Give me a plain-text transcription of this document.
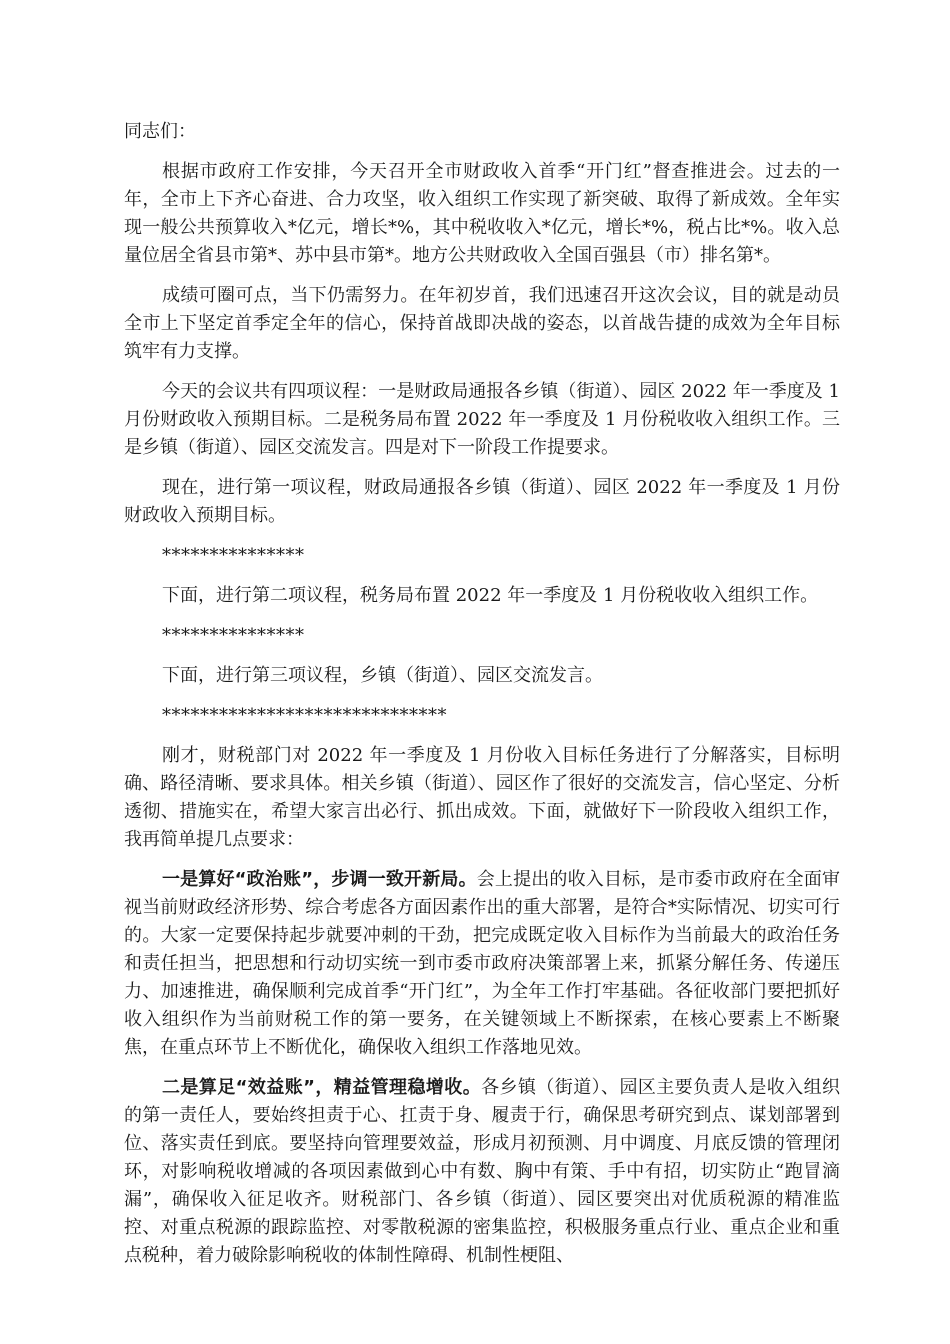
同志们：

根据市政府工作安排，今天召开全市财政收入首季“开门红”督查推进会。过去的一年，全市上下齐心奋进、合力攻坚，收入组织工作实现了新突破、取得了新成效。全年实现一般公共预算收入*亿元，增长*%，其中税收收入*亿元，增长*%，税占比*%。收入总量位居全省县市第*、苏中县市第*。地方公共财政收入全国百强县（市）排名第*。

成绩可圈可点，当下仍需努力。在年初岁首，我们迅速召开这次会议，目的就是动员全市上下坚定首季定全年的信心，保持首战即决战的姿态，以首战告捷的成效为全年目标筑牢有力支撑。

今天的会议共有四项议程：一是财政局通报各乡镇（街道）、园区 2022 年一季度及 1 月份财政收入预期目标。二是税务局布置 2022 年一季度及 1 月份税收收入组织工作。三是乡镇（街道）、园区交流发言。四是对下一阶段工作提要求。

现在，进行第一项议程，财政局通报各乡镇（街道）、园区 2022 年一季度及 1 月份财政收入预期目标。

***************

下面，进行第二项议程，税务局布置 2022 年一季度及 1 月份税收收入组织工作。

***************

下面，进行第三项议程，乡镇（街道）、园区交流发言。

******************************

刚才，财税部门对 2022 年一季度及 1 月份收入目标任务进行了分解落实，目标明确、路径清晰、要求具体。相关乡镇（街道）、园区作了很好的交流发言，信心坚定、分析透彻、措施实在，希望大家言出必行、抓出成效。下面，就做好下一阶段收入组织工作，我再简单提几点要求：

一是算好“政治账”，步调一致开新局。会上提出的收入目标，是市委市政府在全面审视当前财政经济形势、综合考虑各方面因素作出的重大部署，是符合*实际情况、切实可行的。大家一定要保持起步就要冲刺的干劲，把完成既定收入目标作为当前最大的政治任务和责任担当，把思想和行动切实统一到市委市政府决策部署上来，抓紧分解任务、传递压力、加速推进，确保顺利完成首季“开门红”，为全年工作打牢基础。各征收部门要把抓好收入组织作为当前财税工作的第一要务，在关键领域上不断探索，在核心要素上不断聚焦，在重点环节上不断优化，确保收入组织工作落地见效。

二是算足“效益账”，精益管理稳增收。各乡镇（街道）、园区主要负责人是收入组织的第一责任人，要始终担责于心、扛责于身、履责于行，确保思考研究到点、谋划部署到位、落实责任到底。要坚持向管理要效益，形成月初预测、月中调度、月底反馈的管理闭环，对影响税收增减的各项因素做到心中有数、胸中有策、手中有招，切实防止“跑冒滴漏”，确保收入征足收齐。财税部门、各乡镇（街道）、园区要突出对优质税源的精准监控、对重点税源的跟踪监控、对零散税源的密集监控，积极服务重点行业、重点企业和重点税种，着力破除影响税收的体制性障碍、机制性梗阻、
